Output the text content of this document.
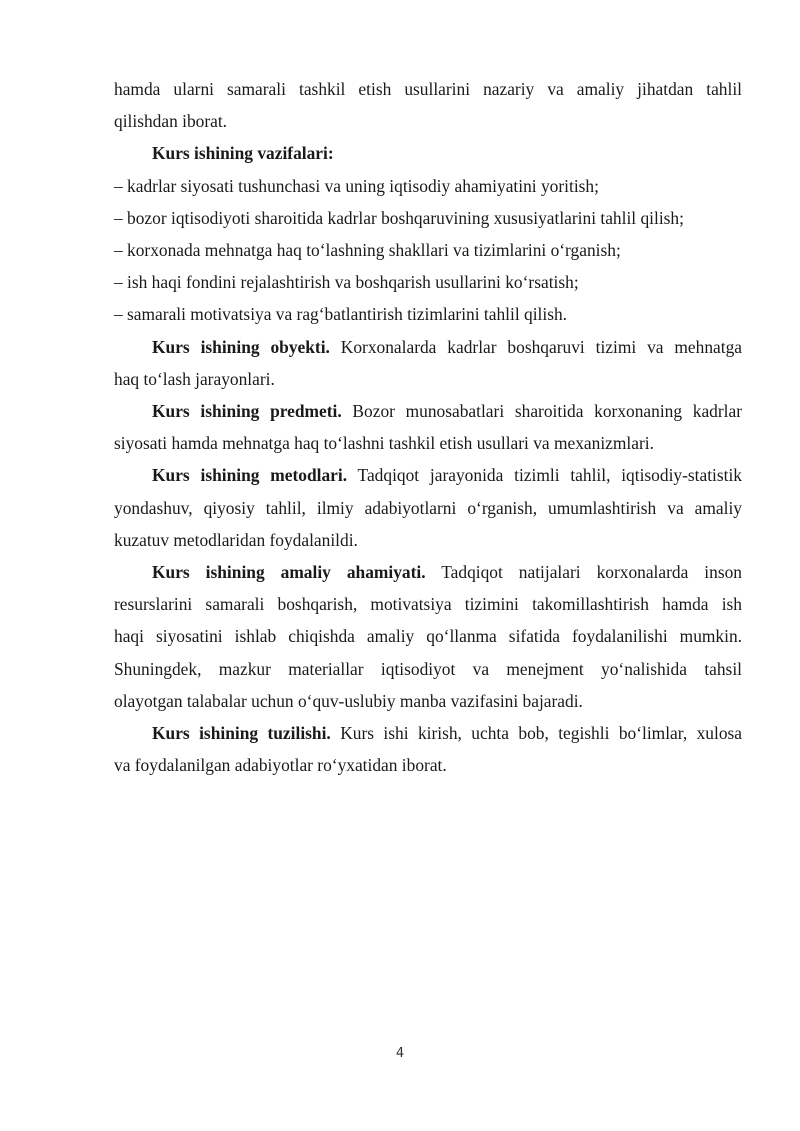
hamda ularni samarali tashkil etish usullarini nazariy va amaliy jihatdan tahlil
qilishdan iborat.
Kurs ishining vazifalari:
– kadrlar siyosati tushunchasi va uning iqtisodiy ahamiyatini yoritish;
– bozor iqtisodiyoti sharoitida kadrlar boshqaruvining xususiyatlarini tahlil qilish;
– korxonada mehnatga haq to‘lashning shakllari va tizimlarini o‘rganish;
– ish haqi fondini rejalashtirish va boshqarish usullarini ko‘rsatish;
– samarali motivatsiya va rag‘batlantirish tizimlarini tahlil qilish.
Kurs ishining obyekti. Korxonalarda kadrlar boshqaruvi tizimi va mehnatga
haq to‘lash jarayonlari.
Kurs ishining predmeti. Bozor munosabatlari sharoitida korxonaning kadrlar
siyosati hamda mehnatga haq to‘lashni tashkil etish usullari va mexanizmlari.
Kurs ishining metodlari. Tadqiqot jarayonida tizimli tahlil, iqtisodiy-statistik
yondashuv, qiyosiy tahlil, ilmiy adabiyotlarni o‘rganish, umumlashtirish va amaliy
kuzatuv metodlaridan foydalanildi.
Kurs ishining amaliy ahamiyati. Tadqiqot natijalari korxonalarda inson
resurslarini samarali boshqarish, motivatsiya tizimini takomillashtirish hamda ish
haqi siyosatini ishlab chiqishda amaliy qo‘llanma sifatida foydalanilishi mumkin.
Shuningdek, mazkur materiallar iqtisodiyot va menejment yo‘nalishida tahsil
olayotgan talabalar uchun o‘quv-uslubiy manba vazifasini bajaradi.
Kurs ishining tuzilishi. Kurs ishi kirish, uchta bob, tegishli bo‘limlar, xulosa
va foydalanilgan adabiyotlar ro‘yxatidan iborat.
4
